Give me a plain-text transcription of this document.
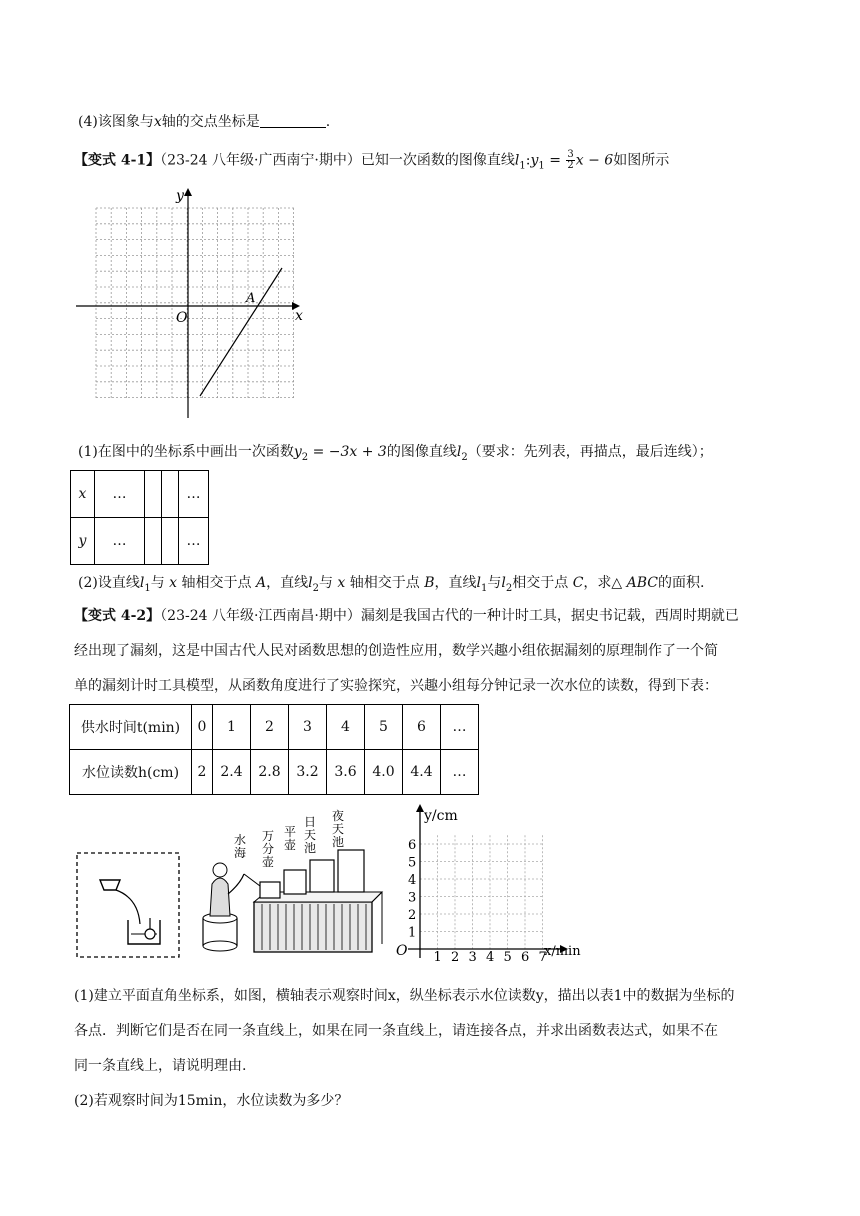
(4)该图象与x轴的交点坐标是	.
【变式 4-1】（23-24 八年级·广西南宁·期中）已知一次函数的图像直线$l_1:y_1 = \frac{3}{2}$ x − 6如图所示
y
x
O
A
(1)在图中的坐标系中画出一次函数$y_2 = -3x + 3$的图像直线$l_2$（要求：先列表，再描点，最后连线）；
x	…			…
y	…			…
(2)设直线$l_1$与 x 轴相交于点 A，直线$l_2$与 x 轴相交于点 B，直线$l_1$与$l_2$相交于点 C，求△ ABC的面积.
【变式 4-2】（23-24 八年级·江西南昌·期中）漏刻是我国古代的一种计时工具，据史书记载，西周时期就已
经出现了漏刻，这是中国古代人民对函数思想的创造性应用，数学兴趣小组依据漏刻的原理制作了一个简
单的漏刻计时工具模型，从函数角度进行了实验探究，兴趣小组每分钟记录一次水位的读数，得到下表：
供水时间t(min)	0	1	2	3	4	5	6	…
水位读数h(cm)	2	2.4	2.8	3.2	3.6	4.0	4.4	…
水海
万分壶
平壶
日天池
夜天池
1 2 3 4 5 6 7
1
2
3
4
5
6
y/cm
x/min
O
(1)建立平面直角坐标系，如图，横轴表示观察时间x，纵坐标表示水位读数y，描出以表1中的数据为坐标的
各点．判断它们是否在同一条直线上，如果在同一条直线上，请连接各点，并求出函数表达式，如果不在
同一条直线上，请说明理由.
(2)若观察时间为15min，水位读数为多少？
